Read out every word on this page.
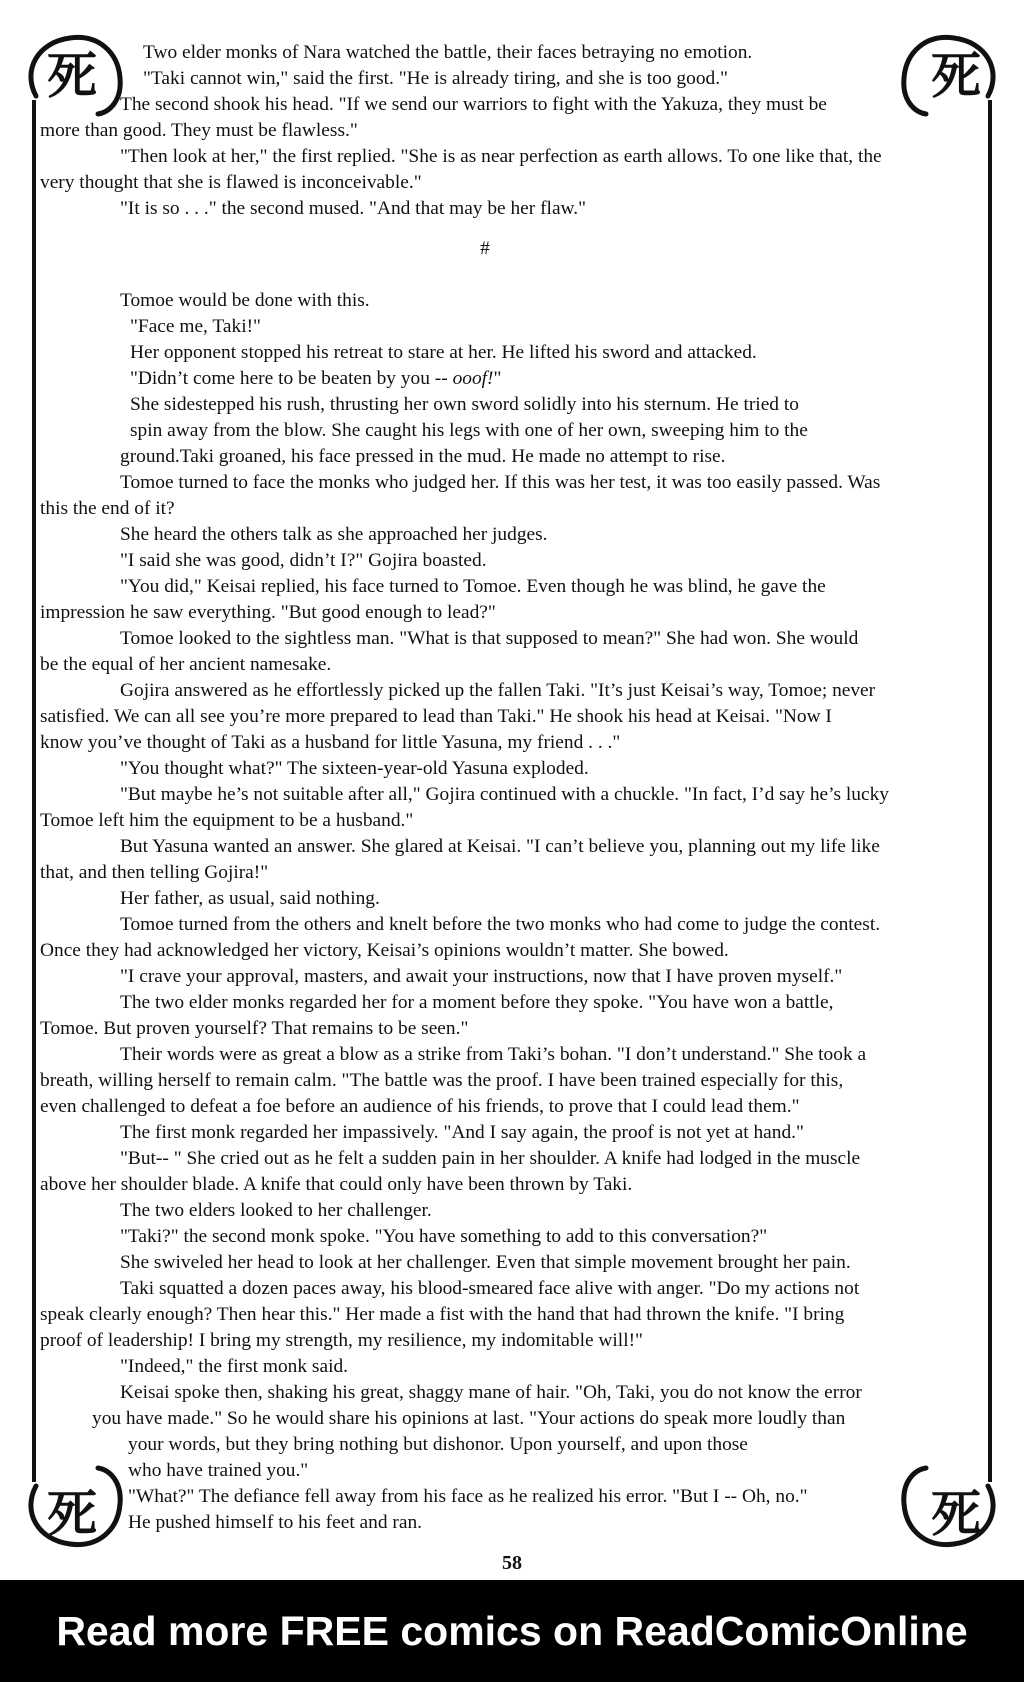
死	死
死	死

Two elder monks of Nara watched the battle, their faces betraying no emotion.

"Taki cannot win," said the first. "He is already tiring, and she is too good."

The second shook his head. "If we send our warriors to fight with the Yakuza, they must be

more than good. They must be flawless."

"Then look at her," the first replied. "She is as near perfection as earth allows. To one like that, the

very thought that she is flawed is inconceivable."

"It is so . . ." the second mused. "And that may be her flaw."

#

Tomoe would be done with this.

"Face me, Taki!"

Her opponent stopped his retreat to stare at her. He lifted his sword and attacked.

"Didn’t come here to be beaten by you -- ooof!"

She sidestepped his rush, thrusting her own sword solidly into his sternum. He tried to

spin away from the blow. She caught his legs with one of her own, sweeping him to the

ground.Taki groaned, his face pressed in the mud. He made no attempt to rise.

Tomoe turned to face the monks who judged her. If this was her test, it was too easily passed. Was

this the end of it?

She heard the others talk as she approached her judges.

"I said she was good, didn’t I?" Gojira boasted.

"You did," Keisai replied, his face turned to Tomoe. Even though he was blind, he gave the

impression he saw everything. "But good enough to lead?"

Tomoe looked to the sightless man. "What is that supposed to mean?" She had won. She would

be the equal of her ancient namesake.

Gojira answered as he effortlessly picked up the fallen Taki. "It’s just Keisai’s way, Tomoe; never

satisfied. We can all see you’re more prepared to lead than Taki." He shook his head at Keisai. "Now I

know you’ve thought of Taki as a husband for little Yasuna, my friend . . ."

"You thought what?" The sixteen-year-old Yasuna exploded.

"But maybe he’s not suitable after all," Gojira continued with a chuckle. "In fact, I’d say he’s lucky

Tomoe left him the equipment to be a husband."

But Yasuna wanted an answer. She glared at Keisai. "I can’t believe you, planning out my life like

that, and then telling Gojira!"

Her father, as usual, said nothing.

Tomoe turned from the others and knelt before the two monks who had come to judge the contest.

Once they had acknowledged her victory, Keisai’s opinions wouldn’t matter. She bowed.

"I crave your approval, masters, and await your instructions, now that I have proven myself."

The two elder monks regarded her for a moment before they spoke. "You have won a battle,

Tomoe. But proven yourself? That remains to be seen."

Their words were as great a blow as a strike from Taki’s bohan. "I don’t understand." She took a

breath, willing herself to remain calm. "The battle was the proof. I have been trained especially for this,

even challenged to defeat a foe before an audience of his friends, to prove that I could lead them."

The first monk regarded her impassively. "And I say again, the proof is not yet at hand."

"But-- " She cried out as he felt a sudden pain in her shoulder. A knife had lodged in the muscle

above her shoulder blade. A knife that could only have been thrown by Taki.

The two elders looked to her challenger.

"Taki?" the second monk spoke. "You have something to add to this conversation?"

She swiveled her head to look at her challenger. Even that simple movement brought her pain.

Taki squatted a dozen paces away, his blood-smeared face alive with anger. "Do my actions not

speak clearly enough? Then hear this." Her made a fist with the hand that had thrown the knife. "I bring

proof of leadership! I bring my strength, my resilience, my indomitable will!"

"Indeed," the first monk said.

Keisai spoke then, shaking his great, shaggy mane of hair. "Oh, Taki, you do not know the error

you have made." So he would share his opinions at last. "Your actions do speak more loudly than

your words, but they bring nothing but dishonor. Upon yourself, and upon those

who have trained you."

"What?" The defiance fell away from his face as he realized his error. "But I -- Oh, no."

He pushed himself to his feet and ran.

58
Read more FREE comics on ReadComicOnline
